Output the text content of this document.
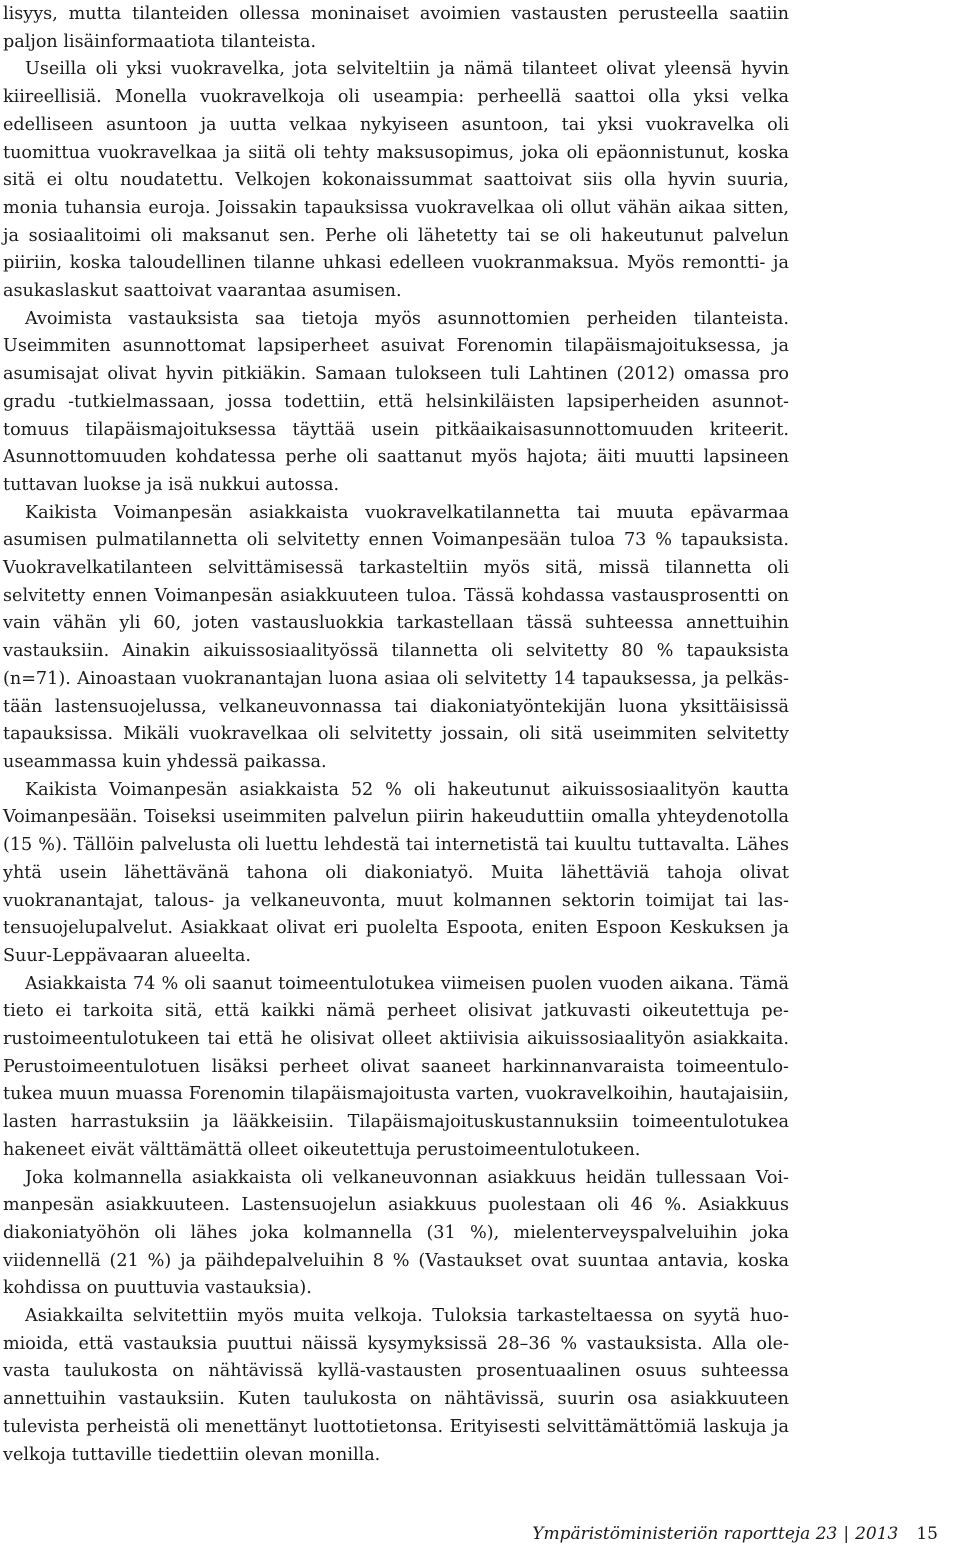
lisyys, mutta tilanteiden ollessa moninaiset avoimien vastausten perusteella saatiin paljon lisäinformaatiota tilanteista.

Useilla oli yksi vuokravelka, jota selviteltiin ja nämä tilanteet olivat yleensä hyvin kiireellisiä. Monella vuokravelkoja oli useampia: perheellä saattoi olla yksi velka edelliseen asuntoon ja uutta velkaa nykyiseen asuntoon, tai yksi vuokravelka oli tuomittua vuokravelkaa ja siitä oli tehty maksusopimus, joka oli epäonnistunut, koska sitä ei oltu noudatettu. Velkojen kokonaissummat saattoivat siis olla hyvin suuria, monia tuhansia euroja. Joissakin tapauksissa vuokravelkaa oli ollut vähän aikaa sitten, ja sosiaalitoimi oli maksanut sen. Perhe oli lähetetty tai se oli hakeutunut palvelun piiriin, koska taloudellinen tilanne uhkasi edelleen vuokranmaksua. Myös remontti- ja asukaslaskut saattoivat vaarantaa asumisen.

Avoimista vastauksista saa tietoja myös asunnottomien perheiden tilanteista. Useimmiten asunnottomat lapsiperheet asuivat Forenomin tilapäismajoituksessa, ja asumisajat olivat hyvin pitkiäkin. Samaan tulokseen tuli Lahtinen (2012) omassa pro gradu -tutkielmassaan, jossa todettiin, että helsinkiläisten lapsiperheiden asunnottomuus tilapäismajoituksessa täyttää usein pitkäaikaisasunnottomuuden kriteerit. Asunnottomuuden kohdatessa perhe oli saattanut myös hajota; äiti muutti lapsineen tuttavan luokse ja isä nukkui autossa.

Kaikista Voimanpesän asiakkaista vuokravelkatilannetta tai muuta epävarmaa asumisen pulmatilannetta oli selvitetty ennen Voimanpesään tuloa 73 % tapauksista. Vuokravelkatilanteen selvittämisessä tarkasteltiin myös sitä, missä tilannetta oli selvitetty ennen Voimanpesän asiakkuuteen tuloa. Tässä kohdassa vastausprosentti on vain vähän yli 60, joten vastausluokkia tarkastellaan tässä suhteessa annettuihin vastauksiin. Ainakin aikuissosiaalityössä tilannetta oli selvitetty 80 % tapauksista (n=71). Ainoastaan vuokranantajan luona asiaa oli selvitetty 14 tapauksessa, ja pelkästään lastensuojelussa, velkaneuvonnassa tai diakoniatyöntekijän luona yksittäisissä tapauksissa. Mikäli vuokravelkaa oli selvitetty jossain, oli sitä useimmiten selvitetty useammassa kuin yhdessä paikassa.

Kaikista Voimanpesän asiakkaista 52 % oli hakeutunut aikuissosiaalityön kautta Voimanpesään. Toiseksi useimmiten palvelun piirin hakeuduttiin omalla yhteydenotolla (15 %). Tällöin palvelusta oli luettu lehdestä tai internetistä tai kuultu tuttavalta. Lähes yhtä usein lähettävänä tahona oli diakoniatyö. Muita lähettäviä tahoja olivat vuokranantajat, talous- ja velkaneuvonta, muut kolmannen sektorin toimijat tai lastensuojelupalvelut. Asiakkaat olivat eri puolelta Espoota, eniten Espoon Keskuksen ja Suur-Leppävaaran alueelta.

Asiakkaista 74 % oli saanut toimeentulotukea viimeisen puolen vuoden aikana. Tämä tieto ei tarkoita sitä, että kaikki nämä perheet olisivat jatkuvasti oikeutettuja perustoimeentulotukeen tai että he olisivat olleet aktiivisia aikuissosiaalityön asiakkaita. Perustoimeentulotuen lisäksi perheet olivat saaneet harkinnanvaraista toimeentulotukea muun muassa Forenomin tilapäismajoitusta varten, vuokravelkoihin, hautajaisiin, lasten harrastuksiin ja lääkkeisiin. Tilapäismajoituskustannuksiin toimeentulotukea hakeneet eivät välttämättä olleet oikeutettuja perustoimeentulotukeen.

Joka kolmannella asiakkaista oli velkaneuvonnan asiakkuus heidän tullessaan Voimanpesän asiakkuuteen. Lastensuojelun asiakkuus puolestaan oli 46 %. Asiakkuus diakoniatyöhön oli lähes joka kolmannella (31 %), mielenterveyspalveluihin joka viidennellä (21 %) ja päihdepalveluihin 8 % (Vastaukset ovat suuntaa antavia, koska kohdissa on puuttuvia vastauksia).

Asiakkailta selvitettiin myös muita velkoja. Tuloksia tarkasteltaessa on syytä huomioida, että vastauksia puuttui näissä kysymyksissä 28–36 % vastauksista. Alla olevasta taulukosta on nähtävissä kyllä-vastausten prosentuaalinen osuus suhteessa annettuihin vastauksiin. Kuten taulukosta on nähtävissä, suurin osa asiakkuuteen tulevista perheistä oli menettänyt luottotietonsa. Erityisesti selvittämättömiä laskuja ja velkoja tuttaville tiedettiin olevan monilla.

Ympäristöministeriön raportteja 23 | 2013 15
